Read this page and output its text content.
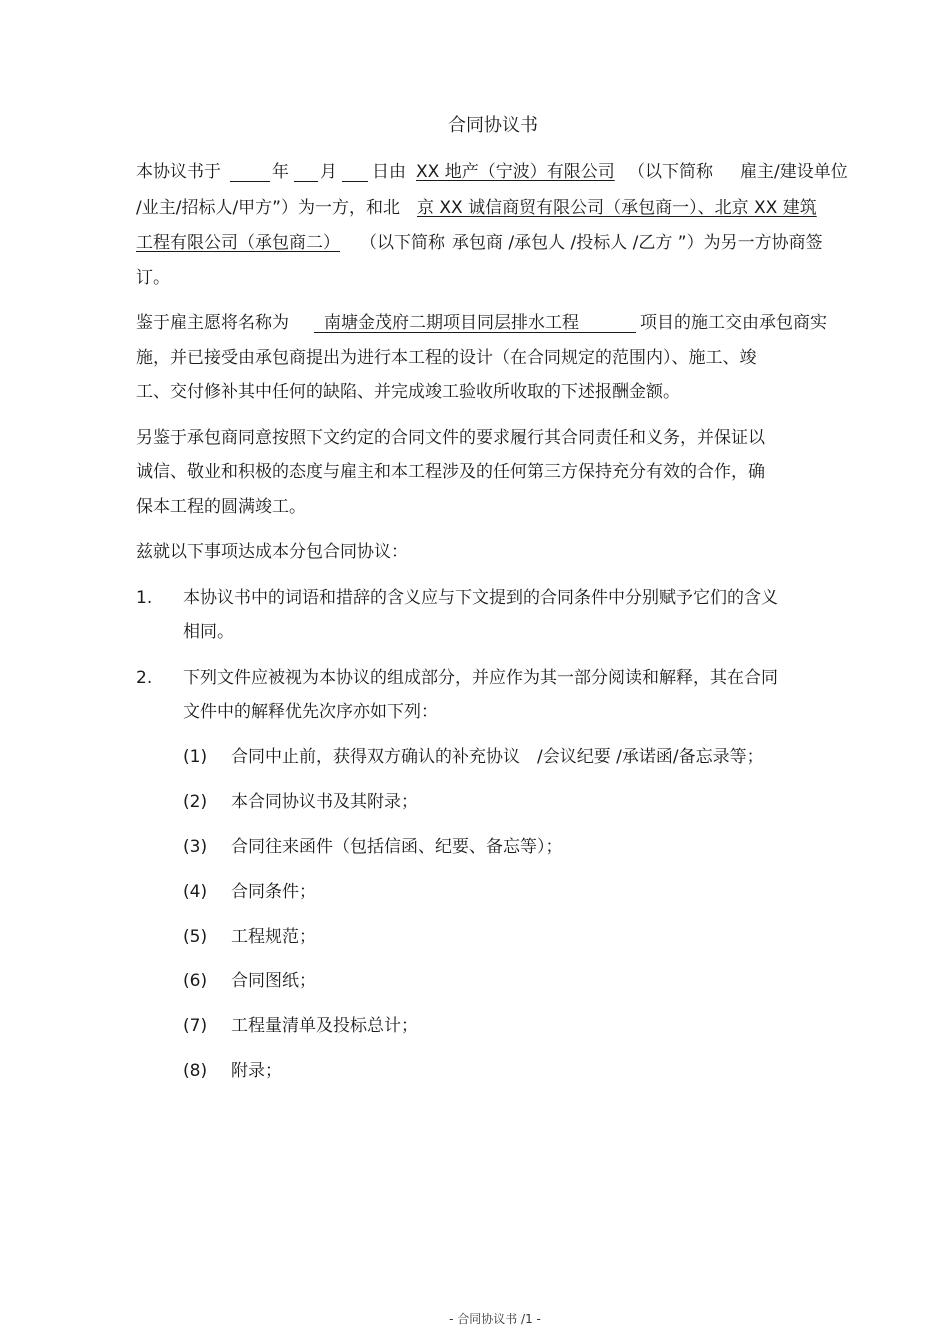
合同协议书
本协议书于	年 月 日由 XX 地产（宁波）有限公司 （以下简称 雇主/建设单位
/业主/招标人/甲方”）为一方，和北 京 XX 诚信商贸有限公司（承包商一）、北京 XX 建筑
工程有限公司（承包商二） （以下简称 承包商 /承包人 /投标人 /乙方 ”）为另一方协商签
订。
鉴于雇主愿将名称为	南塘金茂府二期项目同层排水工程	项目的施工交由承包商实
施，并已接受由承包商提出为进行本工程的设计（在合同规定的范围内）、施工、竣
工、交付修补其中任何的缺陷、并完成竣工验收所收取的下述报酬金额。
另鉴于承包商同意按照下文约定的合同文件的要求履行其合同责任和义务，并保证以
诚信、敬业和积极的态度与雇主和本工程涉及的任何第三方保持充分有效的合作，确
保本工程的圆满竣工。
兹就以下事项达成本分包合同协议：
1. 本协议书中的词语和措辞的含义应与下文提到的合同条件中分别赋予它们的含义
相同。
2. 下列文件应被视为本协议的组成部分，并应作为其一部分阅读和解释，其在合同
文件中的解释优先次序亦如下列：
(1) 合同中止前，获得双方确认的补充协议　/会议纪要 /承诺函/备忘录等；
(2) 本合同协议书及其附录；
(3) 合同往来函件（包括信函、纪要、备忘等）；
(4) 合同条件；
(5) 工程规范；
(6) 合同图纸；
(7) 工程量清单及投标总计；
(8) 附录；
- 合同协议书 /1 -
